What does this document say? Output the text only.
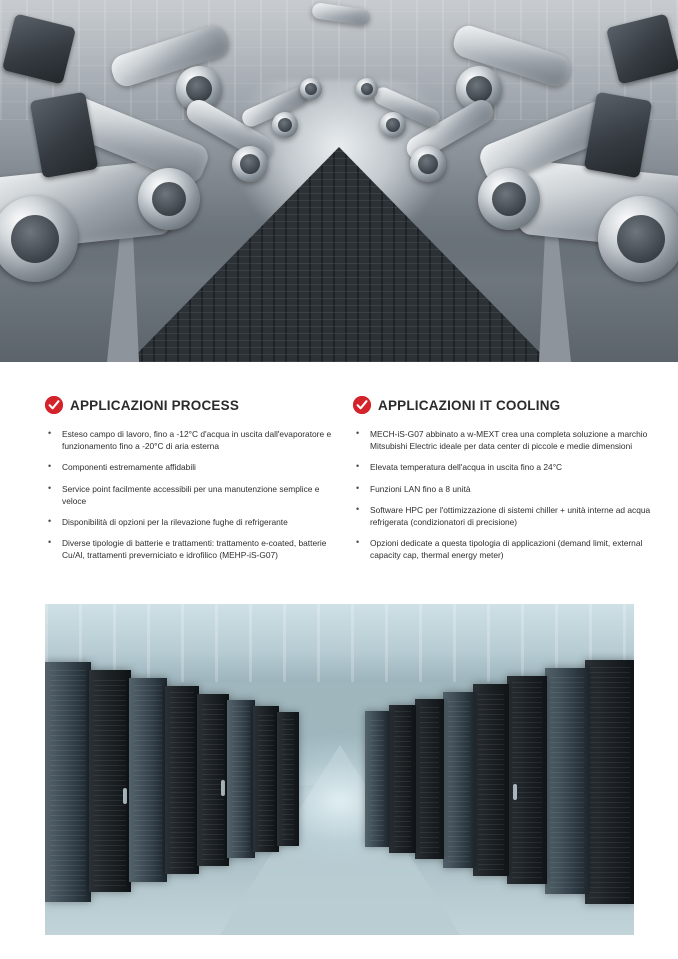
APPLICAZIONI PROCESS
• Esteso campo di lavoro, fino a -12°C d'acqua in uscita dall'evaporatore e funzionamento fino a -20°C di aria esterna
• Componenti estremamente affidabili
• Service point facilmente accessibili per una manutenzione semplice e veloce
• Disponibilità di opzioni per la rilevazione fughe di refrigerante
• Diverse tipologie di batterie e trattamenti: trattamento e-coated, batterie Cu/Al, trattamenti preverniciato e idrofilico (MEHP-iS-G07)
APPLICAZIONI IT COOLING
• MECH-iS-G07 abbinato a w-MEXT crea una completa soluzione a marchio Mitsubishi Electric ideale per data center di piccole e medie dimensioni
• Elevata temperatura dell'acqua in uscita fino a 24°C
• Funzioni LAN fino a 8 unità
• Software HPC per l'ottimizzazione di sistemi chiller + unità interne ad acqua refrigerata (condizionatori di precisione)
• Opzioni dedicate a questa tipologia di applicazioni (demand limit, external capacity cap, thermal energy meter)
